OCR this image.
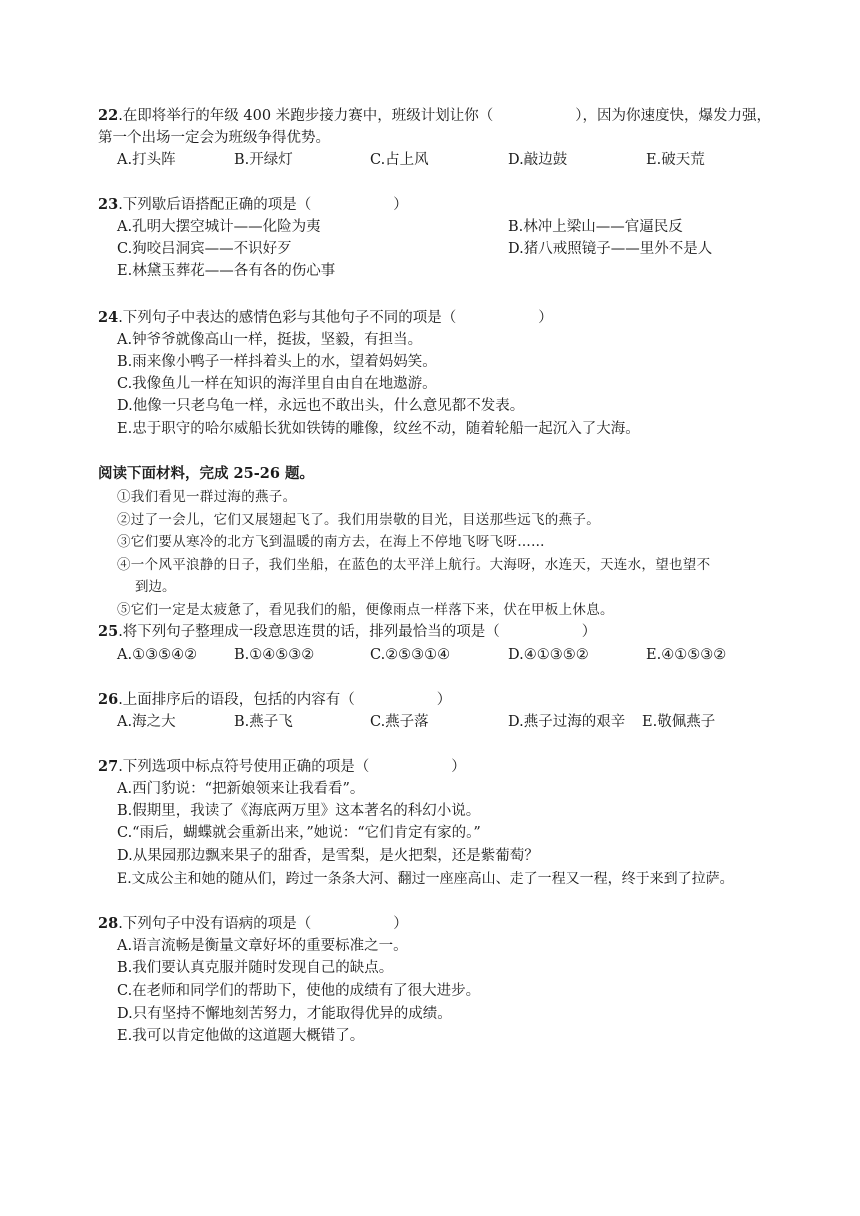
22.在即将举行的年级 400 米跑步接力赛中，班级计划让你（	），因为你速度快，爆发力强，
第一个出场一定会为班级争得优势。
A.打头阵	B.开绿灯	C.占上风	D.敲边鼓	E.破天荒
23.下列歇后语搭配正确的项是（	）
A.孔明大摆空城计——化险为夷	B.林冲上梁山——官逼民反
C.狗咬吕洞宾——不识好歹	D.猪八戒照镜子——里外不是人
E.林黛玉葬花——各有各的伤心事
24.下列句子中表达的感情色彩与其他句子不同的项是（	）
A.钟爷爷就像高山一样，挺拔，坚毅，有担当。
B.雨来像小鸭子一样抖着头上的水，望着妈妈笑。
C.我像鱼儿一样在知识的海洋里自由自在地遨游。
D.他像一只老乌龟一样，永远也不敢出头，什么意见都不发表。
E.忠于职守的哈尔威船长犹如铁铸的雕像，纹丝不动，随着轮船一起沉入了大海。
阅读下面材料，完成 25-26 题。
①我们看见一群过海的燕子。
②过了一会儿，它们又展翅起飞了。我们用崇敬的目光，目送那些远飞的燕子。
③它们要从寒冷的北方飞到温暖的南方去，在海上不停地飞呀飞呀……
④一个风平浪静的日子，我们坐船，在蓝色的太平洋上航行。大海呀，水连天，天连水，望也望不
到边。
⑤它们一定是太疲惫了，看见我们的船，便像雨点一样落下来，伏在甲板上休息。
25.将下列句子整理成一段意思连贯的话，排列最恰当的项是（	）
A.①③⑤④②	B.①④⑤③②	C.②⑤③①④	D.④①③⑤②	E.④①⑤③②
26.上面排序后的语段，包括的内容有（	）
A.海之大	B.燕子飞	C.燕子落	D.燕子过海的艰辛 E.敬佩燕子
27.下列选项中标点符号使用正确的项是（	）
A.西门豹说：“把新娘领来让我看看”。
B.假期里，我读了《海底两万里》这本著名的科幻小说。
C.“雨后，蝴蝶就会重新出来，”她说：“它们肯定有家的。”
D.从果园那边飘来果子的甜香，是雪梨，是火把梨，还是紫葡萄？
E.文成公主和她的随从们，跨过一条条大河、翻过一座座高山、走了一程又一程，终于来到了拉萨。
28.下列句子中没有语病的项是（	）
A.语言流畅是衡量文章好坏的重要标准之一。
B.我们要认真克服并随时发现自己的缺点。
C.在老师和同学们的帮助下，使他的成绩有了很大进步。
D.只有坚持不懈地刻苦努力，才能取得优异的成绩。
E.我可以肯定他做的这道题大概错了。
